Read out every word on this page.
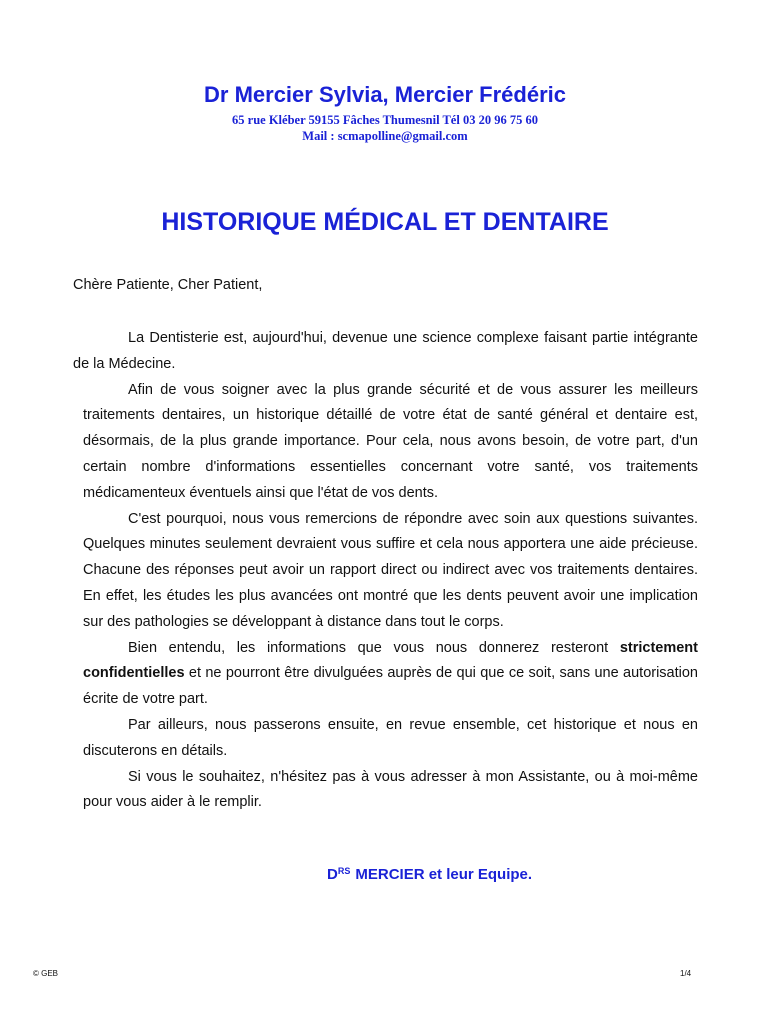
Dr Mercier Sylvia, Mercier Frédéric
65 rue Kléber 59155 Fâches Thumesnil Tél 03 20 96 75 60
Mail : scmapolline@gmail.com
HISTORIQUE MÉDICAL ET DENTAIRE
Chère Patiente, Cher Patient,

La Dentisterie est, aujourd'hui, devenue une science complexe faisant partie intégrante de la Médecine.

Afin de vous soigner avec la plus grande sécurité et de vous assurer les meilleurs traitements dentaires, un historique détaillé de votre état de santé général et dentaire est, désormais, de la plus grande importance. Pour cela, nous avons besoin, de votre part, d'un certain nombre d'informations essentielles concernant votre santé, vos traitements médicamenteux éventuels ainsi que l'état de vos dents.

C'est pourquoi, nous vous remercions de répondre avec soin aux questions suivantes. Quelques minutes seulement devraient vous suffire et cela nous apportera une aide précieuse. Chacune des réponses peut avoir un rapport direct ou indirect avec vos traitements dentaires. En effet, les études les plus avancées ont montré que les dents peuvent avoir une implication sur des pathologies se développant à distance dans tout le corps.

Bien entendu, les informations que vous nous donnerez resteront strictement confidentielles et ne pourront être divulguées auprès de qui que ce soit, sans une autorisation écrite de votre part.

Par ailleurs, nous passerons ensuite, en revue ensemble, cet historique et nous en discuterons en détails.

Si vous le souhaitez, n'hésitez pas à vous adresser à mon Assistante, ou à moi-même pour vous aider à le remplir.

$D^{RS}$ MERCIER et leur Equipe.
© GEB	1/4
